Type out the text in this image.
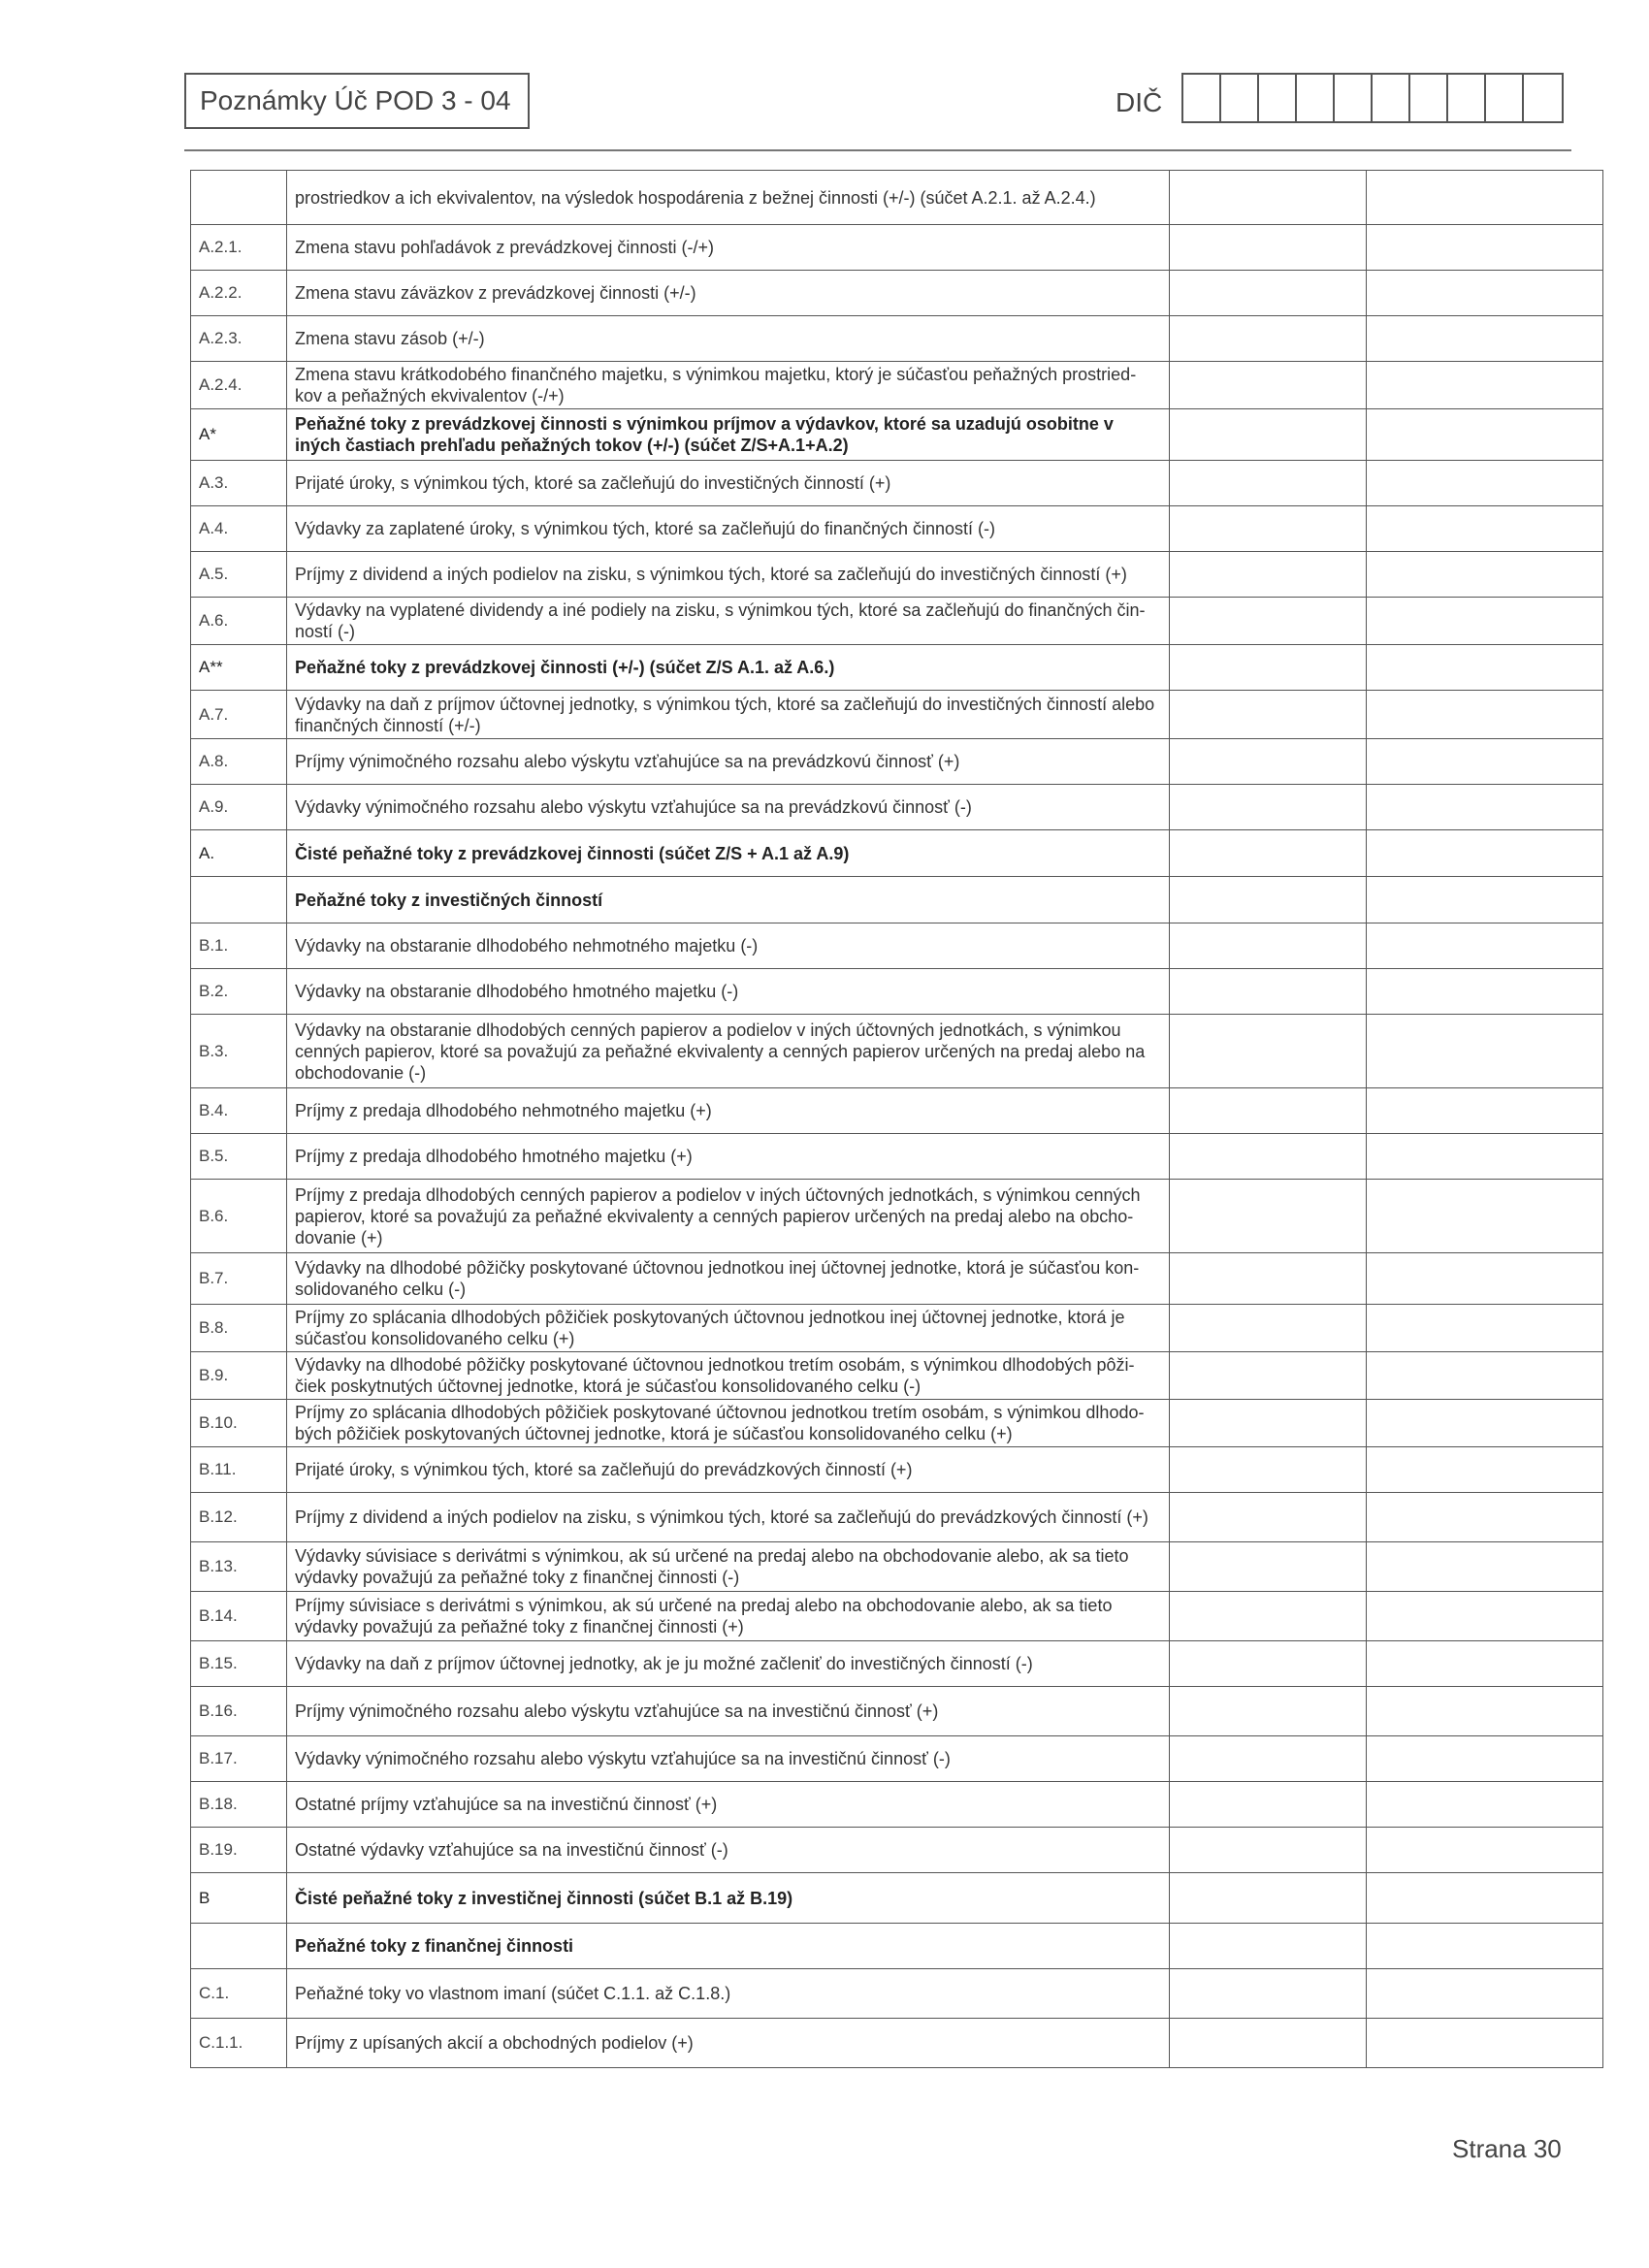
Poznámky Úč POD 3 - 04	DIČ
	prostriedkov a ich ekvivalentov, na výsledok hospodárenia z bežnej činnosti (+/-) (súčet A.2.1. až A.2.4.)		
A.2.1.	Zmena stavu pohľadávok z prevádzkovej činnosti (-/+)		
A.2.2.	Zmena stavu záväzkov z prevádzkovej činnosti (+/-)		
A.2.3.	Zmena stavu zásob (+/-)		
A.2.4.	Zmena stavu krátkodobého finančného majetku, s výnimkou majetku, ktorý je súčasťou peňažných prostried-kov a peňažných ekvivalentov (-/+)		
A*	Peňažné toky z prevádzkovej činnosti s výnimkou príjmov a výdavkov, ktoré sa uzadujú osobitne v iných častiach prehľadu peňažných tokov (+/-) (súčet Z/S+A.1+A.2)		
A.3.	Prijaté úroky, s výnimkou tých, ktoré sa začleňujú do investičných činností (+)		
A.4.	Výdavky za zaplatené úroky, s výnimkou tých, ktoré sa začleňujú do finančných činností (-)		
A.5.	Príjmy z dividend a iných podielov na zisku, s výnimkou tých, ktoré sa začleňujú do investičných činností (+)		
A.6.	Výdavky na vyplatené dividendy a iné podiely na zisku, s výnimkou tých, ktoré sa začleňujú do finančných čin-ností (-)		
A**	Peňažné toky z prevádzkovej činnosti (+/-) (súčet Z/S A.1. až A.6.)		
A.7.	Výdavky na daň z príjmov účtovnej jednotky, s výnimkou tých, ktoré sa začleňujú do investičných činností alebo finančných činností (+/-)		
A.8.	Príjmy výnimočného rozsahu alebo výskytu vzťahujúce sa na prevádzkovú činnosť (+)		
A.9.	Výdavky výnimočného rozsahu alebo výskytu vzťahujúce sa na prevádzkovú činnosť (-)		
A.	Čisté peňažné toky z prevádzkovej činnosti (súčet Z/S + A.1 až A.9)		
	Peňažné toky z investičných činností		
B.1.	Výdavky na obstaranie dlhodobého nehmotného majetku (-)		
B.2.	Výdavky na obstaranie dlhodobého hmotného majetku (-)		
B.3.	Výdavky na obstaranie dlhodobých cenných papierov a podielov v iných účtovných jednotkách, s výnimkou cenných papierov, ktoré sa považujú za peňažné ekvivalenty a cenných papierov určených na predaj alebo na obchodovanie (-)		
B.4.	Príjmy z predaja dlhodobého nehmotného majetku (+)		
B.5.	Príjmy z predaja dlhodobého hmotného majetku (+)		
B.6.	Príjmy z predaja dlhodobých cenných papierov a podielov v iných účtovných jednotkách, s výnimkou cenných papierov, ktoré sa považujú za peňažné ekvivalenty a cenných papierov určených na predaj alebo na obcho-dovanie (+)		
B.7.	Výdavky na dlhodobé pôžičky poskytované účtovnou jednotkou inej účtovnej jednotke, ktorá je súčasťou kon-solidovaného celku (-)		
B.8.	Príjmy zo splácania dlhodobých pôžičiek poskytovaných účtovnou jednotkou inej účtovnej jednotke, ktorá je súčasťou konsolidovaného celku (+)		
B.9.	Výdavky na dlhodobé pôžičky poskytované účtovnou jednotkou tretím osobám, s výnimkou dlhodobých pôži-čiek poskytnutých účtovnej jednotke, ktorá je súčasťou konsolidovaného celku (-)		
B.10.	Príjmy zo splácania dlhodobých pôžičiek poskytované účtovnou jednotkou tretím osobám, s výnimkou dlhodo-bých pôžičiek poskytovaných účtovnej jednotke, ktorá je súčasťou konsolidovaného celku (+)		
B.11.	Prijaté úroky, s výnimkou tých, ktoré sa začleňujú do prevádzkových činností (+)		
B.12.	Príjmy z dividend a iných podielov na zisku, s výnimkou tých, ktoré sa začleňujú do prevádzkových činností (+)		
B.13.	Výdavky súvisiace s derivátmi s výnimkou, ak sú určené na predaj alebo na obchodovanie alebo, ak sa tieto výdavky považujú za peňažné toky z finančnej činnosti (-)		
B.14.	Príjmy súvisiace s derivátmi s výnimkou, ak sú určené na predaj alebo na obchodovanie alebo, ak sa tieto výdavky považujú za peňažné toky z finančnej činnosti (+)		
B.15.	Výdavky na daň z príjmov účtovnej jednotky, ak je ju možné začleniť do investičných činností (-)		
B.16.	Príjmy výnimočného rozsahu alebo výskytu vzťahujúce sa na investičnú činnosť (+)		
B.17.	Výdavky výnimočného rozsahu alebo výskytu vzťahujúce sa na investičnú činnosť (-)		
B.18.	Ostatné príjmy vzťahujúce sa na investičnú činnosť (+)		
B.19.	Ostatné výdavky vzťahujúce sa na investičnú činnosť (-)		
B	Čisté peňažné toky z investičnej činnosti (súčet B.1 až B.19)		
	Peňažné toky z finančnej činnosti		
C.1.	Peňažné toky vo vlastnom imaní (súčet C.1.1. až C.1.8.)		
C.1.1.	Príjmy z upísaných akcií a obchodných podielov (+)		
Strana 30
